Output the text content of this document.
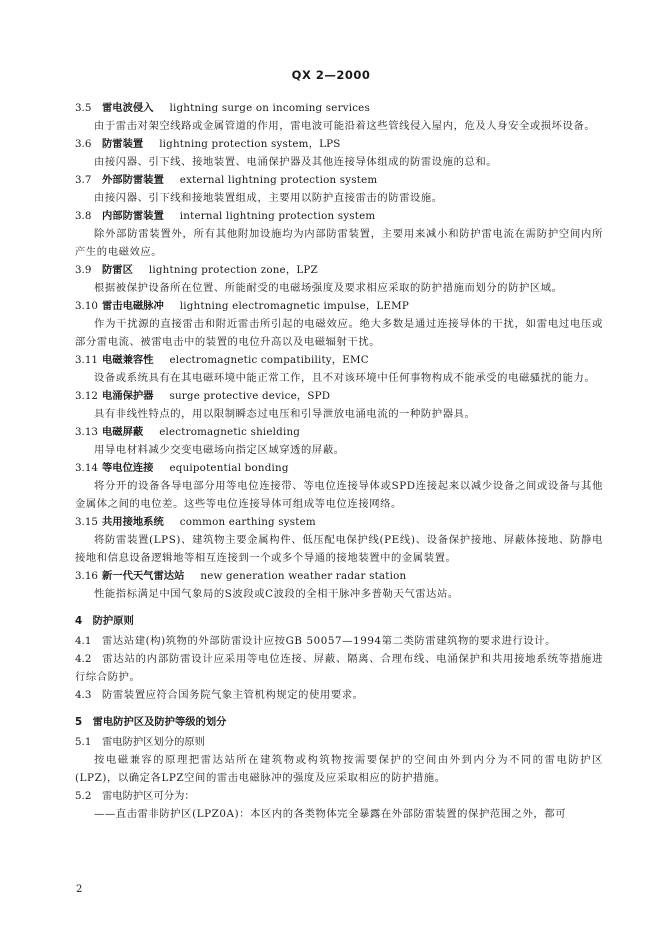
QX 2—2000
3.5 雷电波侵入 lightning surge on incoming services
由于雷击对架空线路或金属管道的作用，雷电波可能沿着这些管线侵入屋内，危及人身安全或损坏设备。
3.6 防雷装置 lightning protection system，LPS
由接闪器、引下线、接地装置、电涌保护器及其他连接导体组成的防雷设施的总和。
3.7 外部防雷装置 external lightning protection system
由接闪器、引下线和接地装置组成，主要用以防护直接雷击的防雷设施。
3.8 内部防雷装置 internal lightning protection system
除外部防雷装置外，所有其他附加设施均为内部防雷装置，主要用来减小和防护雷电流在需防护空间内所产生的电磁效应。
3.9 防雷区 lightning protection zone，LPZ
根据被保护设备所在位置、所能耐受的电磁场强度及要求相应采取的防护措施而划分的防护区域。
3.10 雷击电磁脉冲 lightning electromagnetic impulse，LEMP
作为干扰源的直接雷击和附近雷击所引起的电磁效应。绝大多数是通过连接导体的干扰，如雷电过电压或部分雷电流、被雷电击中的装置的电位升高以及电磁辐射干扰。
3.11 电磁兼容性 electromagnetic compatibility，EMC
设备或系统具有在其电磁环境中能正常工作，且不对该环境中任何事物构成不能承受的电磁骚扰的能力。
3.12 电涌保护器 surge protective device，SPD
具有非线性特点的，用以限制瞬态过电压和引导泄放电涌电流的一种防护器具。
3.13 电磁屏蔽 electromagnetic shielding
用导电材料减少交变电磁场向指定区域穿透的屏蔽。
3.14 等电位连接 equipotential bonding
将分开的设备各导电部分用等电位连接带、等电位连接导体或SPD连接起来以减少设备之间或设备与其他金属体之间的电位差。这些等电位连接导体可组成等电位连接网络。
3.15 共用接地系统 common earthing system
将防雷装置(LPS)、建筑物主要金属构件、低压配电保护线(PE线)、设备保护接地、屏蔽体接地、防静电接地和信息设备逻辑地等相互连接到一个或多个导通的接地装置中的金属装置。
3.16 新一代天气雷达站 new generation weather radar station
性能指标满足中国气象局的S波段或C波段的全相干脉冲多普勒天气雷达站。
4 防护原则
4.1 雷达站建(构)筑物的外部防雷设计应按GB 50057—1994第二类防雷建筑物的要求进行设计。
4.2 雷达站的内部防雷设计应采用等电位连接、屏蔽、隔离、合理布线、电涌保护和共用接地系统等措施进行综合防护。
4.3 防雷装置应符合国务院气象主管机构规定的使用要求。
5 雷电防护区及防护等级的划分
5.1 雷电防护区划分的原则
按电磁兼容的原理把雷达站所在建筑物或构筑物按需要保护的空间由外到内分为不同的雷电防护区(LPZ)，以确定各LPZ空间的雷击电磁脉冲的强度及应采取相应的防护措施。
5.2 雷电防护区可分为：
——直击雷非防护区(LPZ0A)：本区内的各类物体完全暴露在外部防雷装置的保护范围之外，都可
2
